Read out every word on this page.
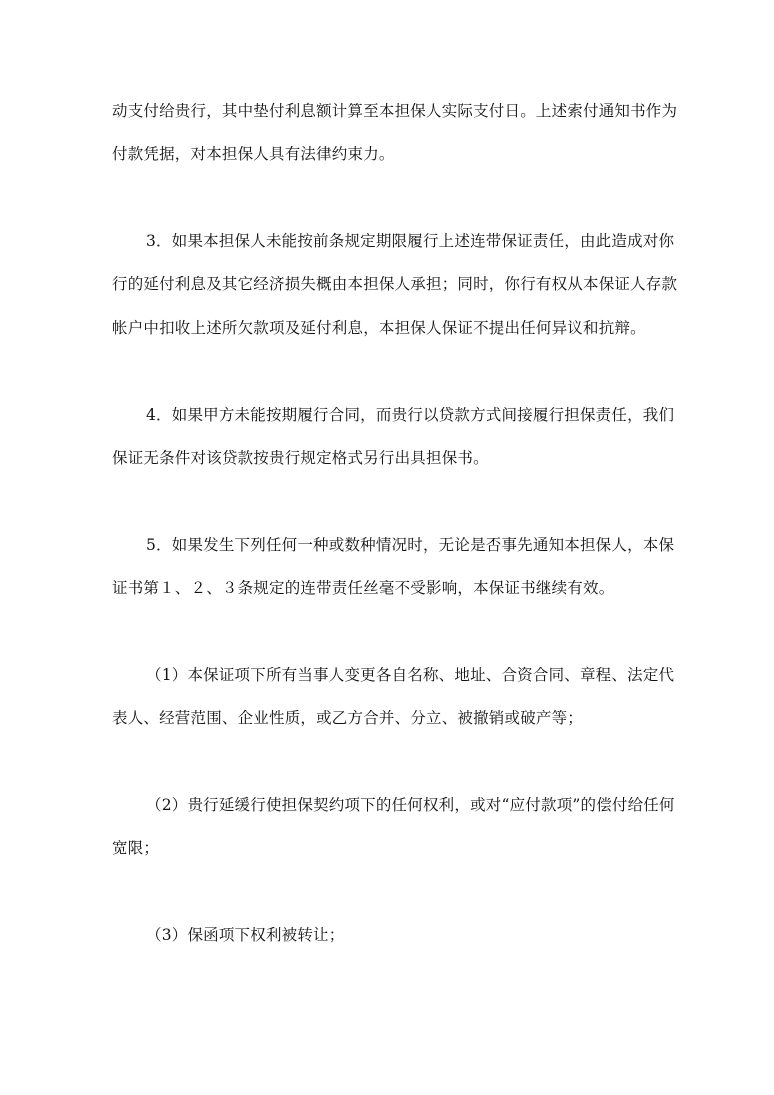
动支付给贵行，其中垫付利息额计算至本担保人实际支付日。上述索付通知书作为
付款凭据，对本担保人具有法律约束力。
3．如果本担保人未能按前条规定期限履行上述连带保证责任，由此造成对你
行的延付利息及其它经济损失概由本担保人承担；同时，你行有权从本保证人存款
帐户中扣收上述所欠款项及延付利息，本担保人保证不提出任何异议和抗辩。
4．如果甲方未能按期履行合同，而贵行以贷款方式间接履行担保责任，我们
保证无条件对该贷款按贵行规定格式另行出具担保书。
5．如果发生下列任何一种或数种情况时，无论是否事先通知本担保人，本保
证书第１、２、３条规定的连带责任丝毫不受影响，本保证书继续有效。
（1）本保证项下所有当事人变更各自名称、地址、合资合同、章程、法定代
表人、经营范围、企业性质，或乙方合并、分立、被撤销或破产等；
（2）贵行延缓行使担保契约项下的任何权利，或对“应付款项”的偿付给任何
宽限；
（3）保函项下权利被转让；
